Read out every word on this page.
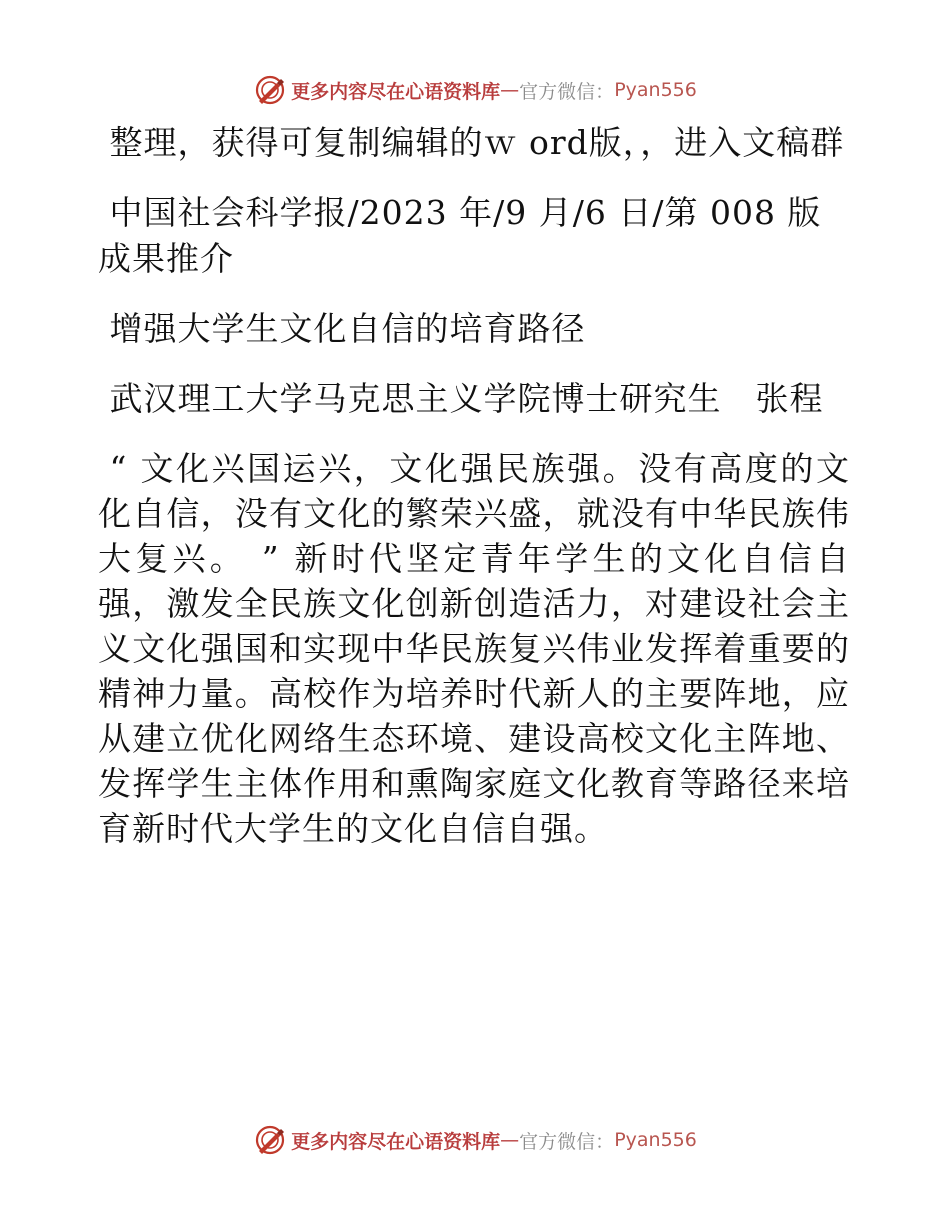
更多内容尽在心语资料库 — 官方微信： Pyan556

整理，获得可复制编辑的ｗ ord版，，进入文稿群

中国社会科学报/2023 年/9 月/6 日/第 008 版成果推介

增强大学生文化自信的培育路径

武汉理工大学马克思主义学院博士研究生　张程

“ 文化兴国运兴，文化强民族强。没有高度的文化自信，没有文化的繁荣兴盛，就没有中华民族伟大复兴。 ” 新时代坚定青年学生的文化自信自强，激发全民族文化创新创造活力，对建设社会主义文化强国和实现中华民族复兴伟业发挥着重要的精神力量。高校作为培养时代新人的主要阵地，应从建立优化网络生态环境、建设高校文化主阵地、发挥学生主体作用和熏陶家庭文化教育等路径来培育新时代大学生的文化自信自强。

更多内容尽在心语资料库 — 官方微信： Pyan556
